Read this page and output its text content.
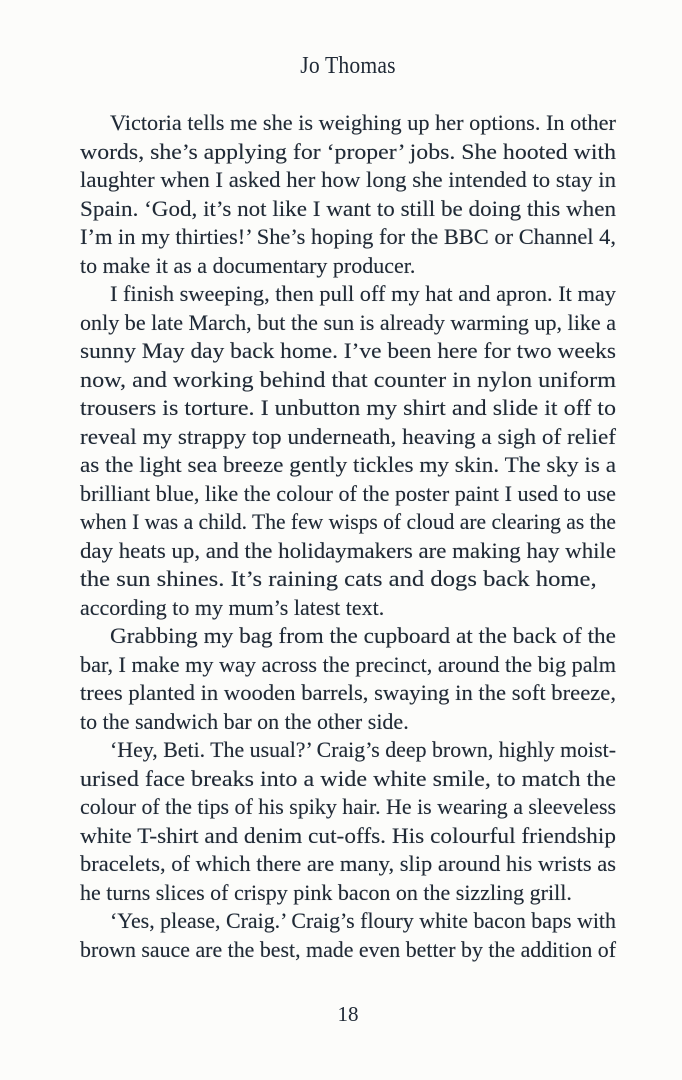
Jo Thomas
Victoria tells me she is weighing up her options. In other
words, she’s applying for ‘proper’ jobs. She hooted with
laughter when I asked her how long she intended to stay in
Spain. ‘God, it’s not like I want to still be doing this when
I’m in my thirties!’ She’s hoping for the BBC or Channel 4,
to make it as a documentary producer.
I finish sweeping, then pull off my hat and apron. It may
only be late March, but the sun is already warming up, like a
sunny May day back home. I’ve been here for two weeks
now, and working behind that counter in nylon uniform
trousers is torture. I unbutton my shirt and slide it off to
reveal my strappy top underneath, heaving a sigh of relief
as the light sea breeze gently tickles my skin. The sky is a
brilliant blue, like the colour of the poster paint I used to use
when I was a child. The few wisps of cloud are clearing as the
day heats up, and the holidaymakers are making hay while
the sun shines. It’s raining cats and dogs back home,
according to my mum’s latest text.
Grabbing my bag from the cupboard at the back of the
bar, I make my way across the precinct, around the big palm
trees planted in wooden barrels, swaying in the soft breeze,
to the sandwich bar on the other side.
‘Hey, Beti. The usual?’ Craig’s deep brown, highly moist-
urised face breaks into a wide white smile, to match the
colour of the tips of his spiky hair. He is wearing a sleeveless
white T-shirt and denim cut-offs. His colourful friendship
bracelets, of which there are many, slip around his wrists as
he turns slices of crispy pink bacon on the sizzling grill.
‘Yes, please, Craig.’ Craig’s floury white bacon baps with
brown sauce are the best, made even better by the addition of
18
